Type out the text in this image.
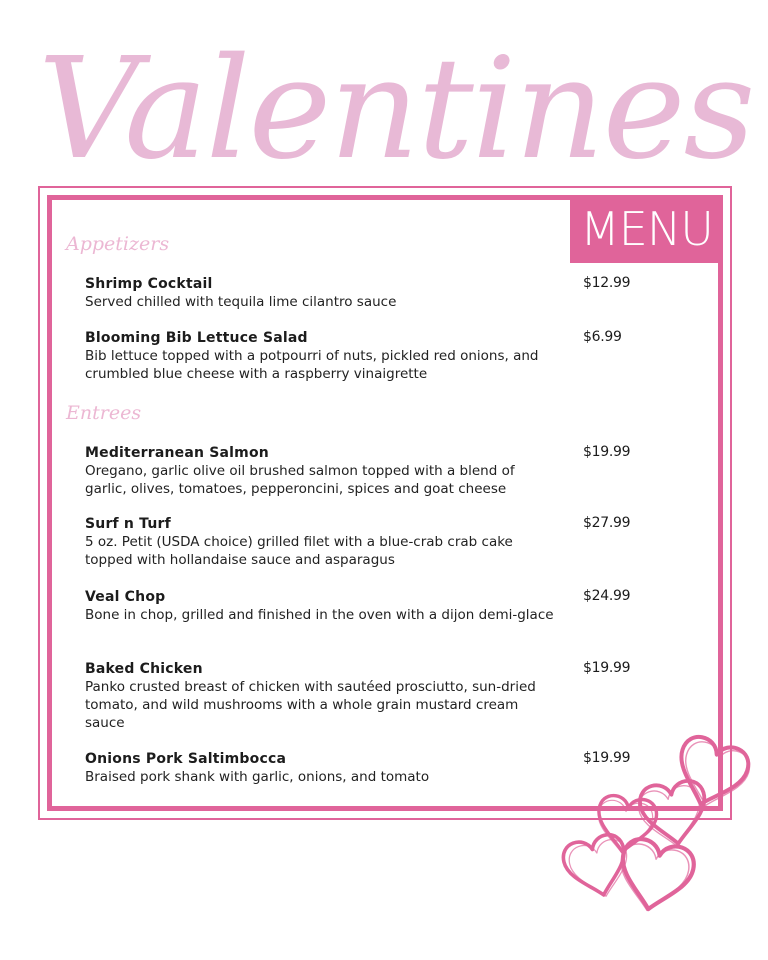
Valentines
MENU
Appetizers
Shrimp Cocktail
Served chilled with tequila lime cilantro sauce
$12.99
Blooming Bib Lettuce Salad
Bib lettuce topped with a potpourri of nuts, pickled red onions, and crumbled blue cheese with a raspberry vinaigrette
$6.99
Entrees
Mediterranean Salmon
Oregano, garlic olive oil brushed salmon topped with a blend of garlic, olives, tomatoes, pepperoncini, spices and goat cheese
$19.99
Surf n Turf
5 oz. Petit (USDA choice) grilled filet with a blue-crab crab cake topped with hollandaise sauce and asparagus
$27.99
Veal Chop
Bone in chop, grilled and finished in the oven with a dijon demi-glace
$24.99
Baked Chicken
Panko crusted breast of chicken with sautéed prosciutto, sun-dried tomato, and wild mushrooms with a whole grain mustard cream sauce
$19.99
Onions Pork Saltimbocca
Braised pork shank with garlic, onions, and tomato
$19.99
